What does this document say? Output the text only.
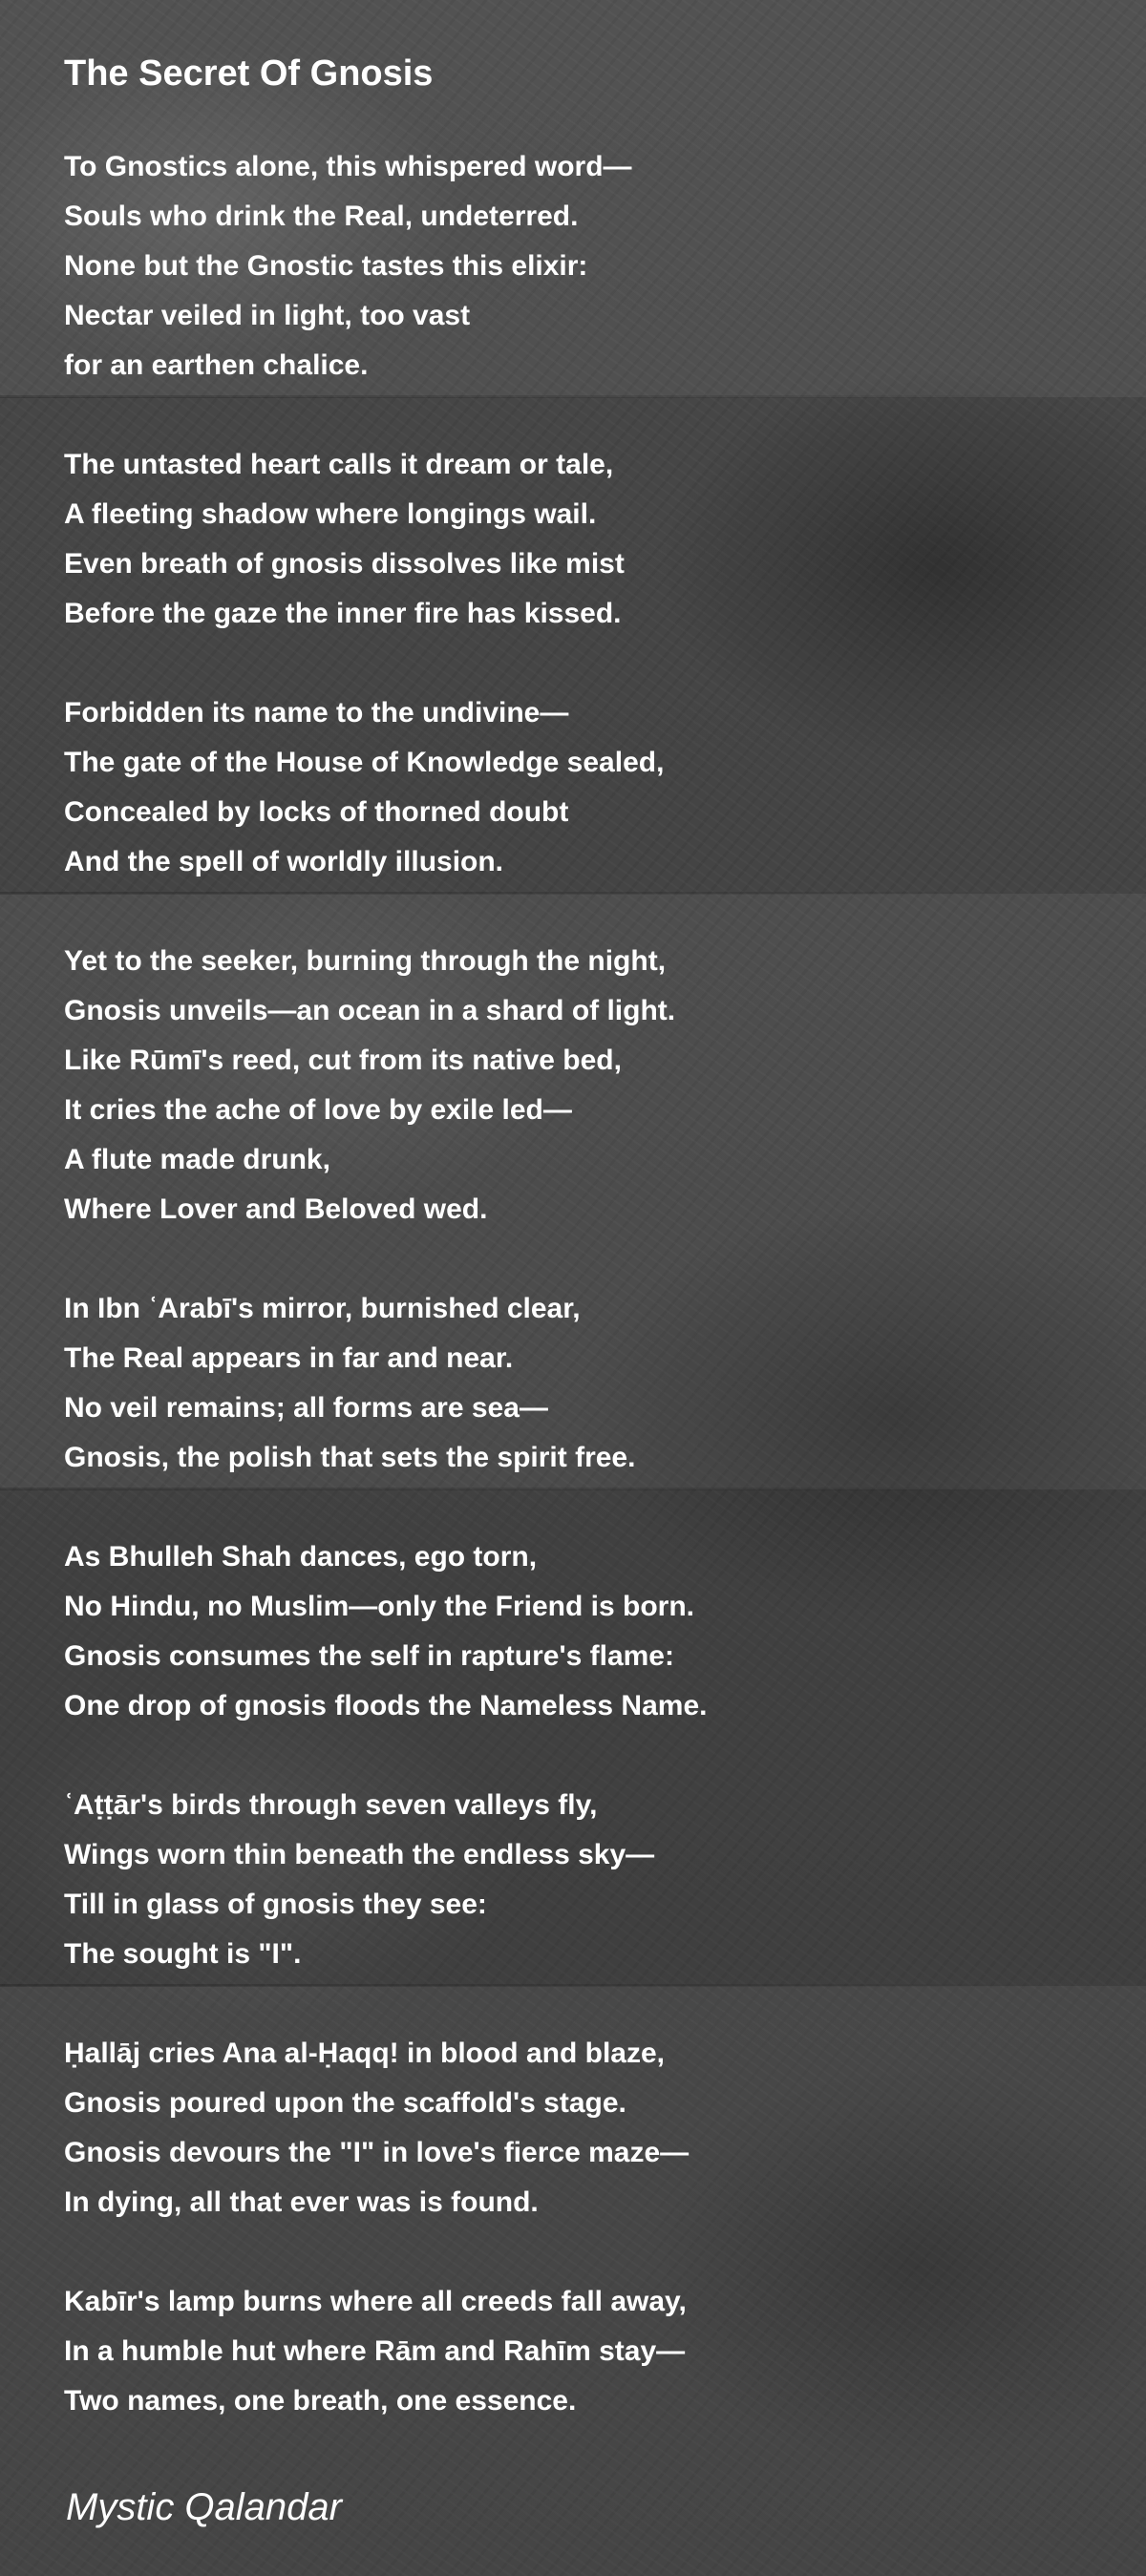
The Secret Of Gnosis
To Gnostics alone, this whispered word—
Souls who drink the Real, undeterred.
None but the Gnostic tastes this elixir:
Nectar veiled in light, too vast
for an earthen chalice.
The untasted heart calls it dream or tale,
A fleeting shadow where longings wail.
Even breath of gnosis dissolves like mist
Before the gaze the inner fire has kissed.
Forbidden its name to the undivine—
The gate of the House of Knowledge sealed,
Concealed by locks of thorned doubt
And the spell of worldly illusion.
Yet to the seeker, burning through the night,
Gnosis unveils—an ocean in a shard of light.
Like Rūmī's reed, cut from its native bed,
It cries the ache of love by exile led—
A flute made drunk,
Where Lover and Beloved wed.
In Ibn ʿArabī's mirror, burnished clear,
The Real appears in far and near.
No veil remains; all forms are sea—
Gnosis, the polish that sets the spirit free.
As Bhulleh Shah dances, ego torn,
No Hindu, no Muslim—only the Friend is born.
Gnosis consumes the self in rapture's flame:
One drop of gnosis floods the Nameless Name.
ʿAṭṭār's birds through seven valleys fly,
Wings worn thin beneath the endless sky—
Till in glass of gnosis they see:
The sought is "I".
Ḥallāj cries Ana al-Ḥaqq! in blood and blaze,
Gnosis poured upon the scaffold's stage.
Gnosis devours the "I" in love's fierce maze—
In dying, all that ever was is found.
Kabīr's lamp burns where all creeds fall away,
In a humble hut where Rām and Rahīm stay—
Two names, one breath, one essence.

Mystic Qalandar
